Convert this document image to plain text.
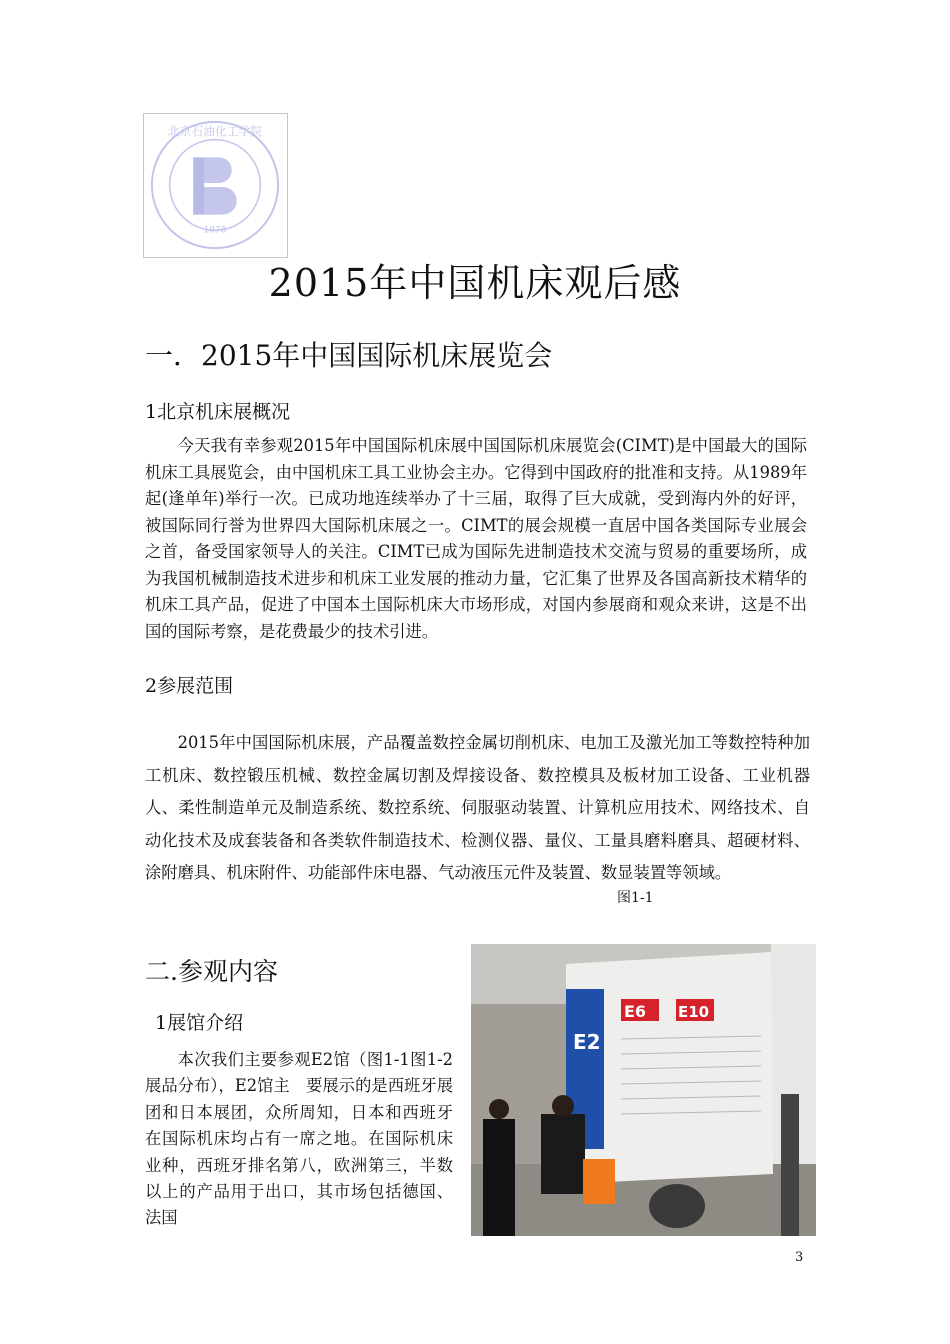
1978
北京石油化工学院
2015年中国机床观后感
一．2015年中国国际机床展览会
1北京机床展概况

今天我有幸参观2015年中国国际机床展中国国际机床展览会(CIMT)是中国最大的国际机床工具展览会，由中国机床工具工业协会主办。它得到中国政府的批准和支持。从1989年起(逢单年)举行一次。已成功地连续举办了十三届，取得了巨大成就，受到海内外的好评，被国际同行誉为世界四大国际机床展之一。CIMT的展会规模一直居中国各类国际专业展会之首，备受国家领导人的关注。CIMT已成为国际先进制造技术交流与贸易的重要场所，成为我国机械制造技术进步和机床工业发展的推动力量，它汇集了世界及各国高新技术精华的机床工具产品，促进了中国本土国际机床大市场形成，对国内参展商和观众来讲，这是不出国的国际考察，是花费最少的技术引进。

2参展范围

2015年中国国际机床展，产品覆盖数控金属切削机床、电加工及激光加工等数控特种加工机床、数控锻压机械、数控金属切割及焊接设备、数控模具及板材加工设备、工业机器人、柔性制造单元及制造系统、数控系统、伺服驱动装置、计算机应用技术、网络技术、自动化技术及成套装备和各类软件制造技术、检测仪器、量仪、工量具磨料磨具、超硬材料、涂附磨具、机床附件、功能部件床电器、气动液压元件及装置、数显装置等领域。

图1-1
二.参观内容
1展馆介绍

本次我们主要参观E2馆（图1-1图1-2展品分布），E2馆主　要展示的是西班牙展团和日本展团，众所周知，日本和西班牙在国际机床均占有一席之地。在国际机床业种，西班牙排名第八，欧洲第三，半数以上的产品用于出口，其市场包括德国、法国

E2
E6 E10
3
